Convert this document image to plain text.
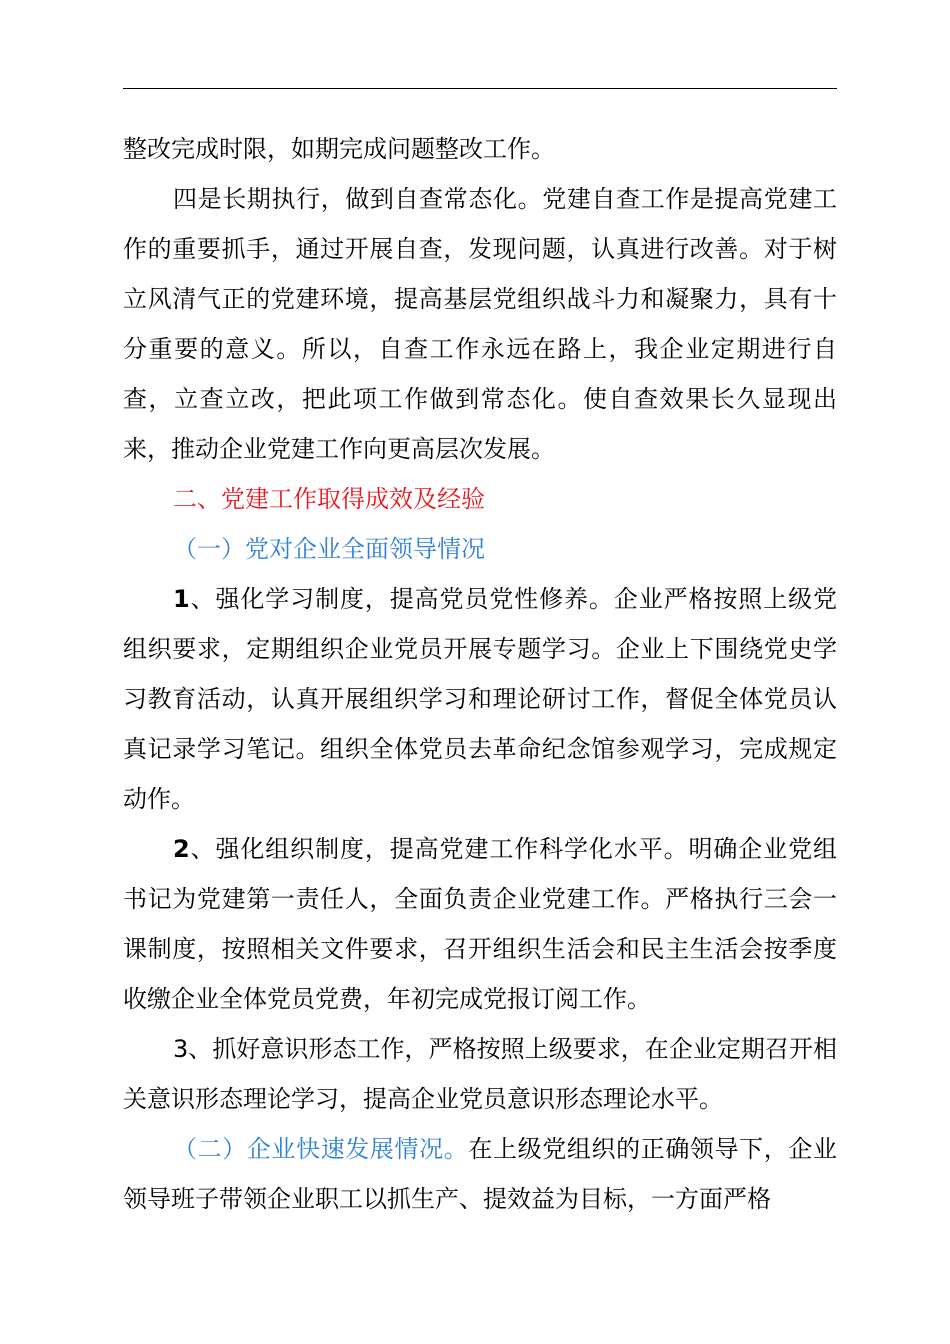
整改完成时限，如期完成问题整改工作。

四是长期执行，做到自查常态化。党建自查工作是提高党建工作的重要抓手，通过开展自查，发现问题，认真进行改善。对于树立风清气正的党建环境，提高基层党组织战斗力和凝聚力，具有十分重要的意义。所以，自查工作永远在路上，我企业定期进行自查，立查立改，把此项工作做到常态化。使自查效果长久显现出来，推动企业党建工作向更高层次发展。

二、党建工作取得成效及经验

（一）党对企业全面领导情况

1、强化学习制度，提高党员党性修养。企业严格按照上级党组织要求，定期组织企业党员开展专题学习。企业上下围绕党史学习教育活动，认真开展组织学习和理论研讨工作，督促全体党员认真记录学习笔记。组织全体党员去革命纪念馆参观学习，完成规定动作。

2、强化组织制度，提高党建工作科学化水平。明确企业党组书记为党建第一责任人，全面负责企业党建工作。严格执行三会一课制度，按照相关文件要求，召开组织生活会和民主生活会按季度收缴企业全体党员党费，年初完成党报订阅工作。

3、抓好意识形态工作，严格按照上级要求，在企业定期召开相关意识形态理论学习，提高企业党员意识形态理论水平。

（二）企业快速发展情况。在上级党组织的正确领导下，企业领导班子带领企业职工以抓生产、提效益为目标，一方面严格
